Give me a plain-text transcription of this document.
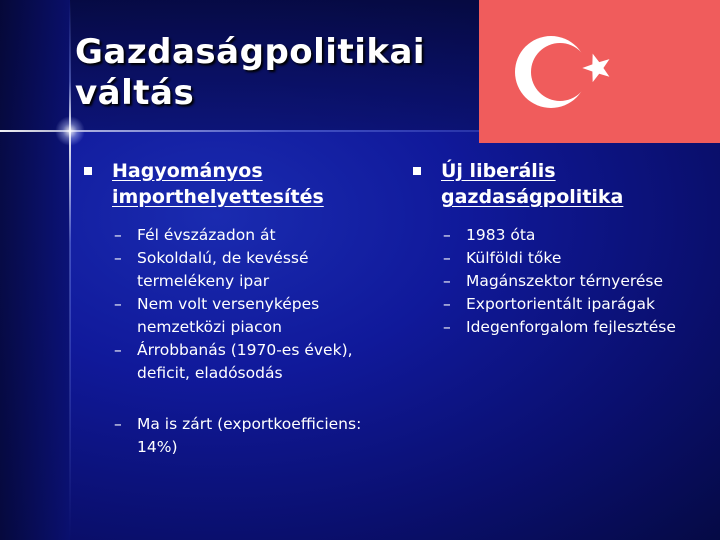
Gazdaságpolitikai
váltás
Hagyományos
importhelyettesítés
– Fél évszázadon át
– Sokoldalú, de kevéssé
termelékeny ipar
– Nem volt versenyképes
nemzetközi piacon
– Árrobbanás (1970-es évek),
deficit, eladósodás
– Ma is zárt (exportkoefficiens:
14%)
Új liberális
gazdaságpolitika
– 1983 óta
– Külföldi tőke
– Magánszektor térnyerése
– Exportorientált iparágak
– Idegenforgalom fejlesztése
